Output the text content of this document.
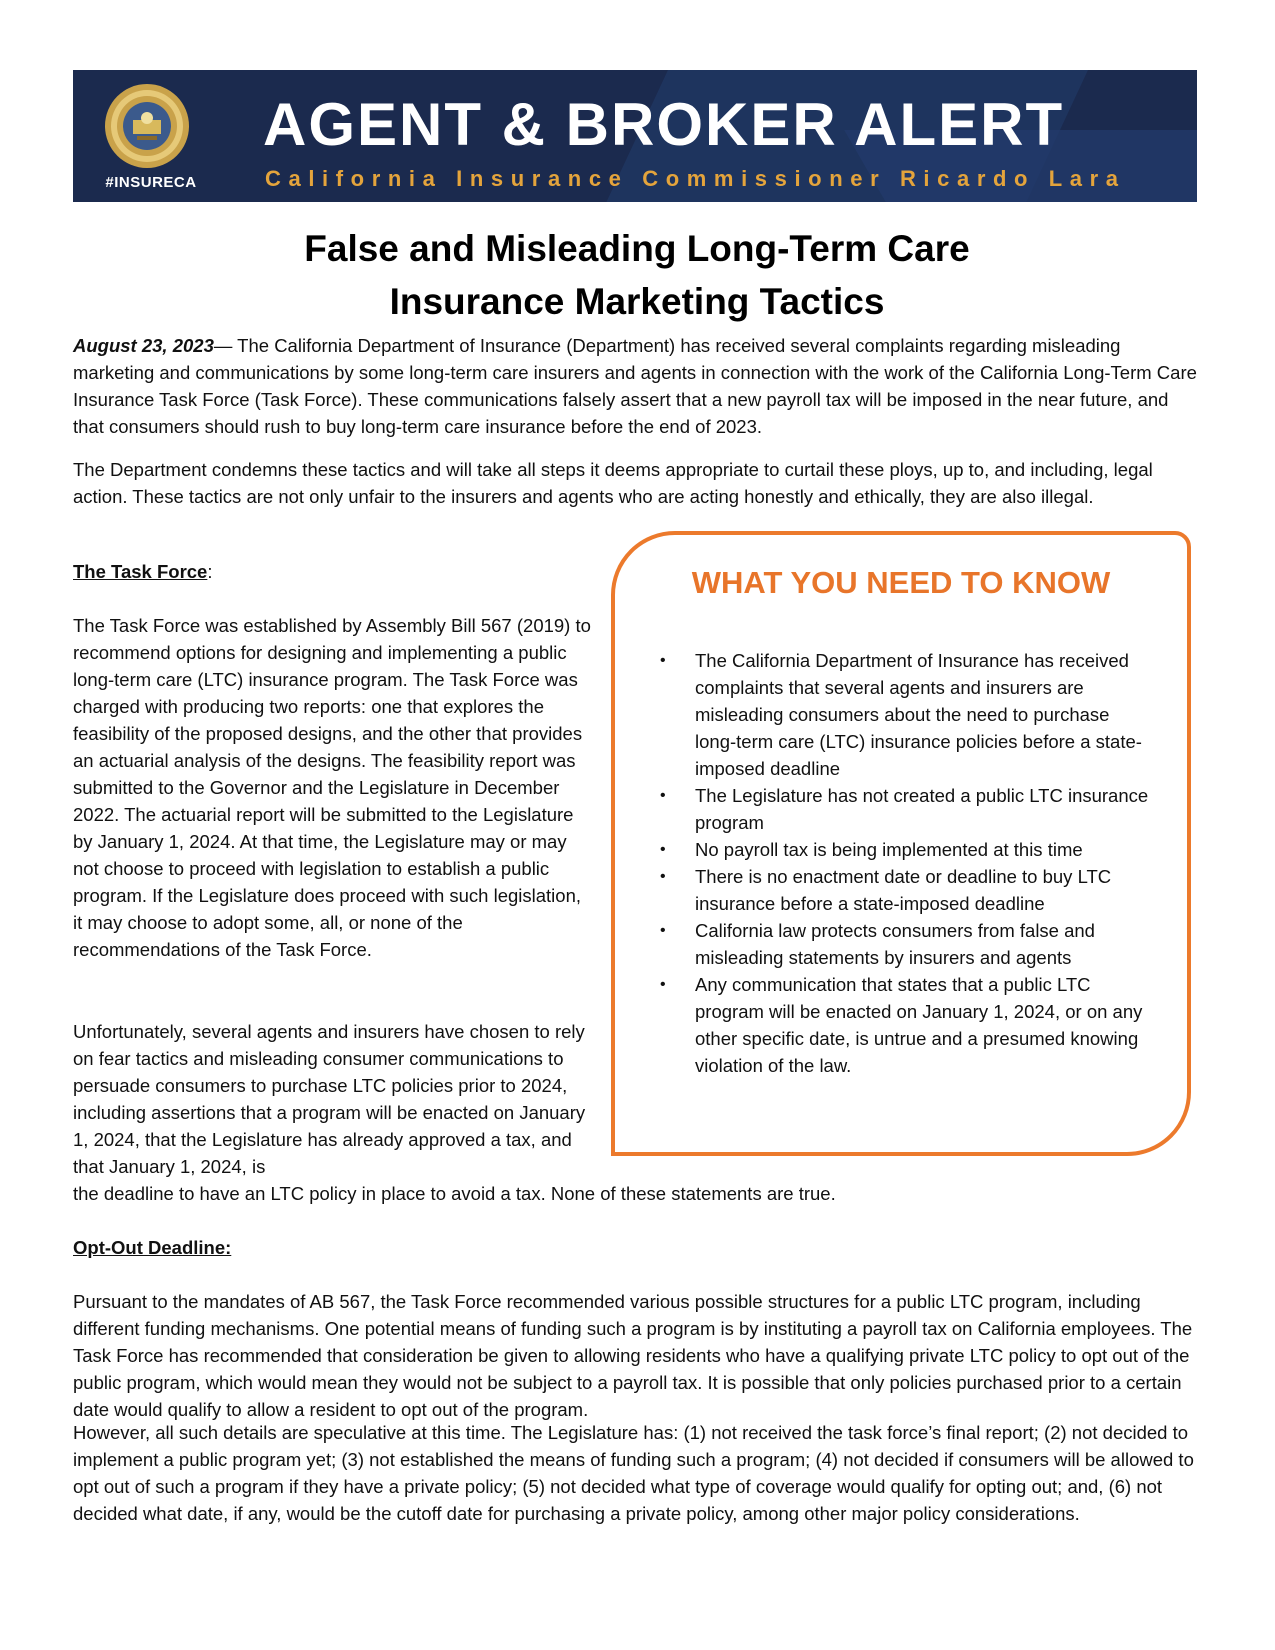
#INSURECA
AGENT & BROKER ALERT
California Insurance Commissioner Ricardo Lara
False and Misleading Long-Term Care
Insurance Marketing Tactics
August 23, 2023— The California Department of Insurance (Department) has received several complaints regarding misleading marketing and communications by some long-term care insurers and agents in connection with the work of the California Long-Term Care Insurance Task Force (Task Force). These communications falsely assert that a new payroll tax will be imposed in the near future, and that consumers should rush to buy long-term care insurance before the end of 2023.
The Department condemns these tactics and will take all steps it deems appropriate to curtail these ploys, up to, and including, legal action. These tactics are not only unfair to the insurers and agents who are acting honestly and ethically, they are also illegal.
The Task Force:
The Task Force was established by Assembly Bill 567 (2019) to recommend options for designing and implementing a public long-term care (LTC) insurance program. The Task Force was charged with producing two reports: one that explores the feasibility of the proposed designs, and the other that provides an actuarial analysis of the designs. The feasibility report was submitted to the Governor and the Legislature in December 2022. The actuarial report will be submitted to the Legislature by January 1, 2024. At that time, the Legislature may or may not choose to proceed with legislation to establish a public program. If the Legislature does proceed with such legislation, it may choose to adopt some, all, or none of the recommendations of the Task Force.
Unfortunately, several agents and insurers have chosen to rely on fear tactics and misleading consumer communications to persuade consumers to purchase LTC policies prior to 2024, including assertions that a program will be enacted on January 1, 2024, that the Legislature has already approved a tax, and that January 1, 2024, is
the deadline to have an LTC policy in place to avoid a tax. None of these statements are true.
Opt-Out Deadline:
Pursuant to the mandates of AB 567, the Task Force recommended various possible structures for a public LTC program, including different funding mechanisms. One potential means of funding such a program is by instituting a payroll tax on California employees. The Task Force has recommended that consideration be given to allowing residents who have a qualifying private LTC policy to opt out of the public program, which would mean they would not be subject to a payroll tax. It is possible that only policies purchased prior to a certain date would qualify to allow a resident to opt out of the program.
However, all such details are speculative at this time. The Legislature has: (1) not received the task force’s final report; (2) not decided to implement a public program yet; (3) not established the means of funding such a program; (4) not decided if consumers will be allowed to opt out of such a program if they have a private policy; (5) not decided what type of coverage would qualify for opting out; and, (6) not decided what date, if any, would be the cutoff date for purchasing a private policy, among other major policy considerations.
WHAT YOU NEED TO KNOW
• The California Department of Insurance has received complaints that several agents and insurers are misleading consumers about the need to purchase long-term care (LTC) insurance policies before a state-imposed deadline
• The Legislature has not created a public LTC insurance program
• No payroll tax is being implemented at this time
• There is no enactment date or deadline to buy LTC insurance before a state-imposed deadline
• California law protects consumers from false and misleading statements by insurers and agents
• Any communication that states that a public LTC program will be enacted on January 1, 2024, or on any other specific date, is untrue and a presumed knowing violation of the law.
